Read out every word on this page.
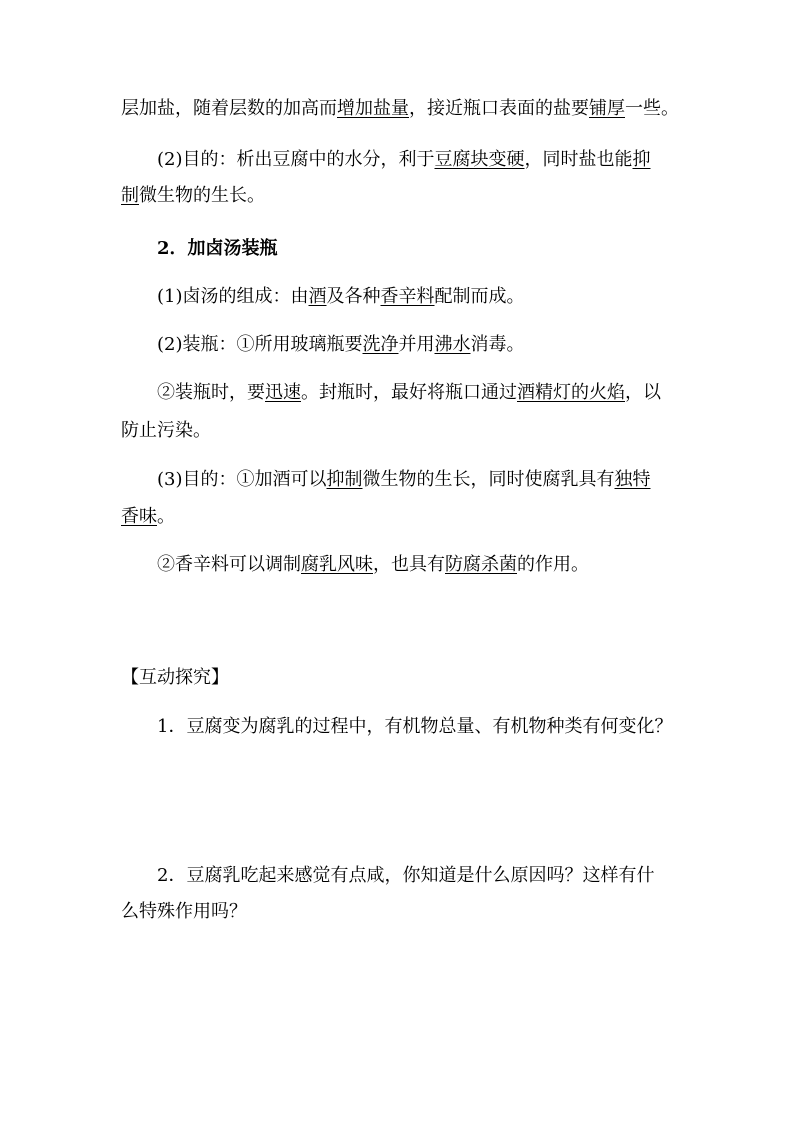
层加盐，随着层数的加高而增加盐量，接近瓶口表面的盐要铺厚一些。
(2)目的：析出豆腐中的水分，利于豆腐块变硬，同时盐也能抑
制微生物的生长。
2．加卤汤装瓶
(1)卤汤的组成：由酒及各种香辛料配制而成。
(2)装瓶：①所用玻璃瓶要洗净并用沸水消毒。
②装瓶时，要迅速。封瓶时，最好将瓶口通过酒精灯的火焰，以
防止污染。
(3)目的：①加酒可以抑制微生物的生长，同时使腐乳具有独特
香味。
②香辛料可以调制腐乳风味，也具有防腐杀菌的作用。
【互动探究】
1．豆腐变为腐乳的过程中，有机物总量、有机物种类有何变化？
2．豆腐乳吃起来感觉有点咸，你知道是什么原因吗？这样有什
么特殊作用吗？
